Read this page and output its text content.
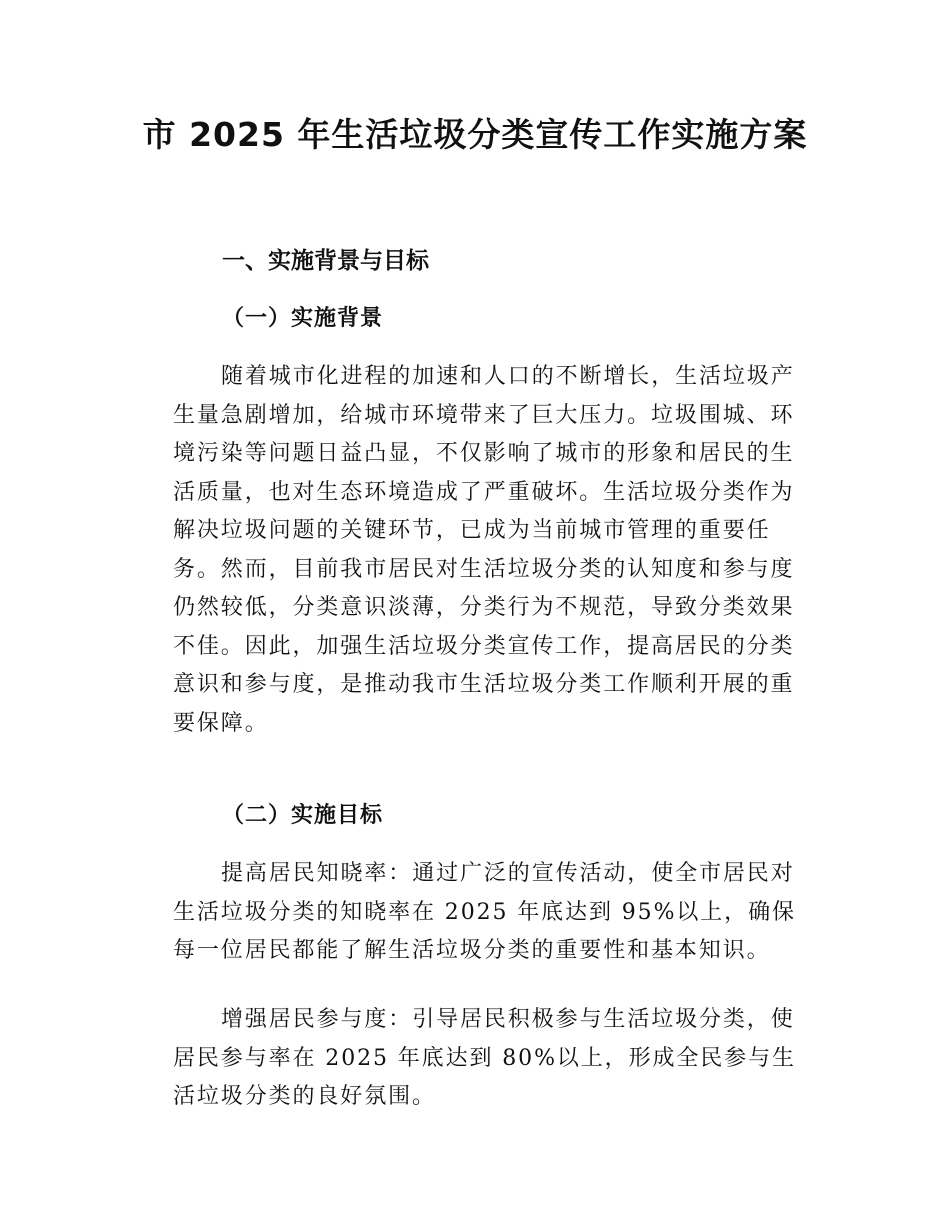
市 2025 年生活垃圾分类宣传工作实施方案
一、实施背景与目标
（一）实施背景

随着城市化进程的加速和人口的不断增长，生活垃圾产生量急剧增加，给城市环境带来了巨大压力。垃圾围城、环境污染等问题日益凸显，不仅影响了城市的形象和居民的生活质量，也对生态环境造成了严重破坏。生活垃圾分类作为解决垃圾问题的关键环节，已成为当前城市管理的重要任务。然而，目前我市居民对生活垃圾分类的认知度和参与度仍然较低，分类意识淡薄，分类行为不规范，导致分类效果不佳。因此，加强生活垃圾分类宣传工作，提高居民的分类意识和参与度，是推动我市生活垃圾分类工作顺利开展的重要保障。

（二）实施目标

提高居民知晓率：通过广泛的宣传活动，使全市居民对生活垃圾分类的知晓率在 2025 年底达到 95%以上，确保每一位居民都能了解生活垃圾分类的重要性和基本知识。

增强居民参与度：引导居民积极参与生活垃圾分类，使居民参与率在 2025 年底达到 80%以上，形成全民参与生活垃圾分类的良好氛围。
